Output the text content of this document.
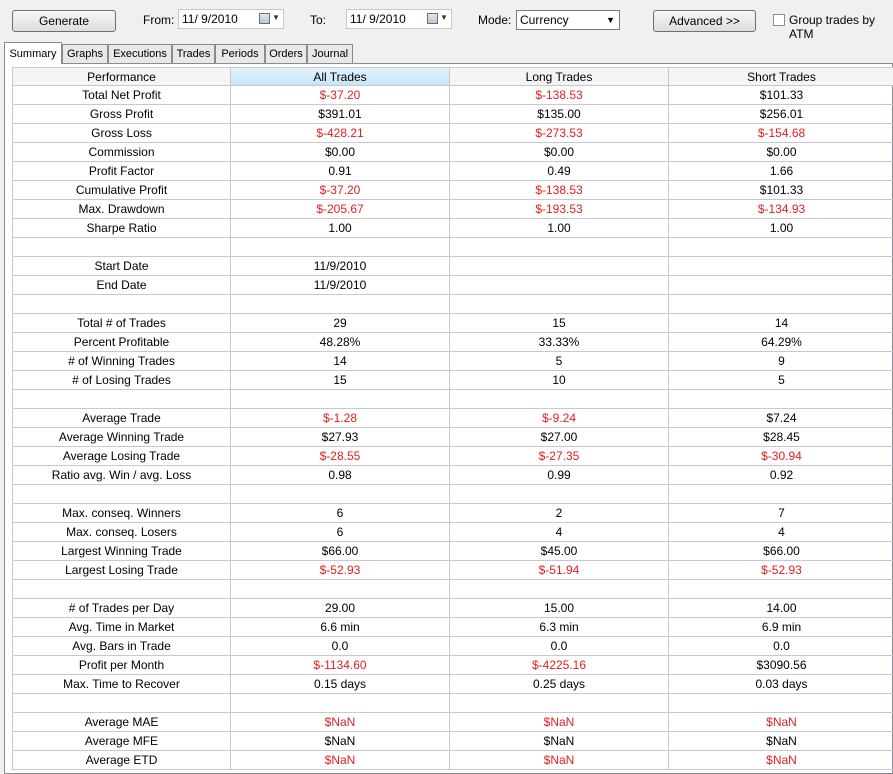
Generate	From: 11/ 9/2010	▼	To:	11/ 9/2010	▼	Mode: Currency	▼	Advanced >>	Group trades by ATM
Summary Graphs Executions Trades Periods Orders Journal
Performance	All Trades	Long Trades	Short Trades
Total Net Profit	$-37.20	$-138.53	$101.33
Gross Profit	$391.01	$135.00	$256.01
Gross Loss	$-428.21	$-273.53	$-154.68
Commission	$0.00	$0.00	$0.00
Profit Factor	0.91	0.49	1.66
Cumulative Profit	$-37.20	$-138.53	$101.33
Max. Drawdown	$-205.67	$-193.53	$-134.93
Sharpe Ratio	1.00	1.00	1.00
Start Date	11/9/2010
End Date	11/9/2010
Total # of Trades	29	15	14
Percent Profitable	48.28%	33.33%	64.29%
# of Winning Trades	14	5	9
# of Losing Trades	15	10	5
Average Trade	$-1.28	$-9.24	$7.24
Average Winning Trade	$27.93	$27.00	$28.45
Average Losing Trade	$-28.55	$-27.35	$-30.94
Ratio avg. Win / avg. Loss	0.98	0.99	0.92
Max. conseq. Winners	6	2	7
Max. conseq. Losers	6	4	4
Largest Winning Trade	$66.00	$45.00	$66.00
Largest Losing Trade	$-52.93	$-51.94	$-52.93
# of Trades per Day	29.00	15.00	14.00
Avg. Time in Market	6.6 min	6.3 min	6.9 min
Avg. Bars in Trade	0.0	0.0	0.0
Profit per Month	$-1134.60	$-4225.16	$3090.56
Max. Time to Recover	0.15 days	0.25 days	0.03 days
Average MAE	$NaN	$NaN	$NaN
Average MFE	$NaN	$NaN	$NaN
Average ETD	$NaN	$NaN	$NaN
